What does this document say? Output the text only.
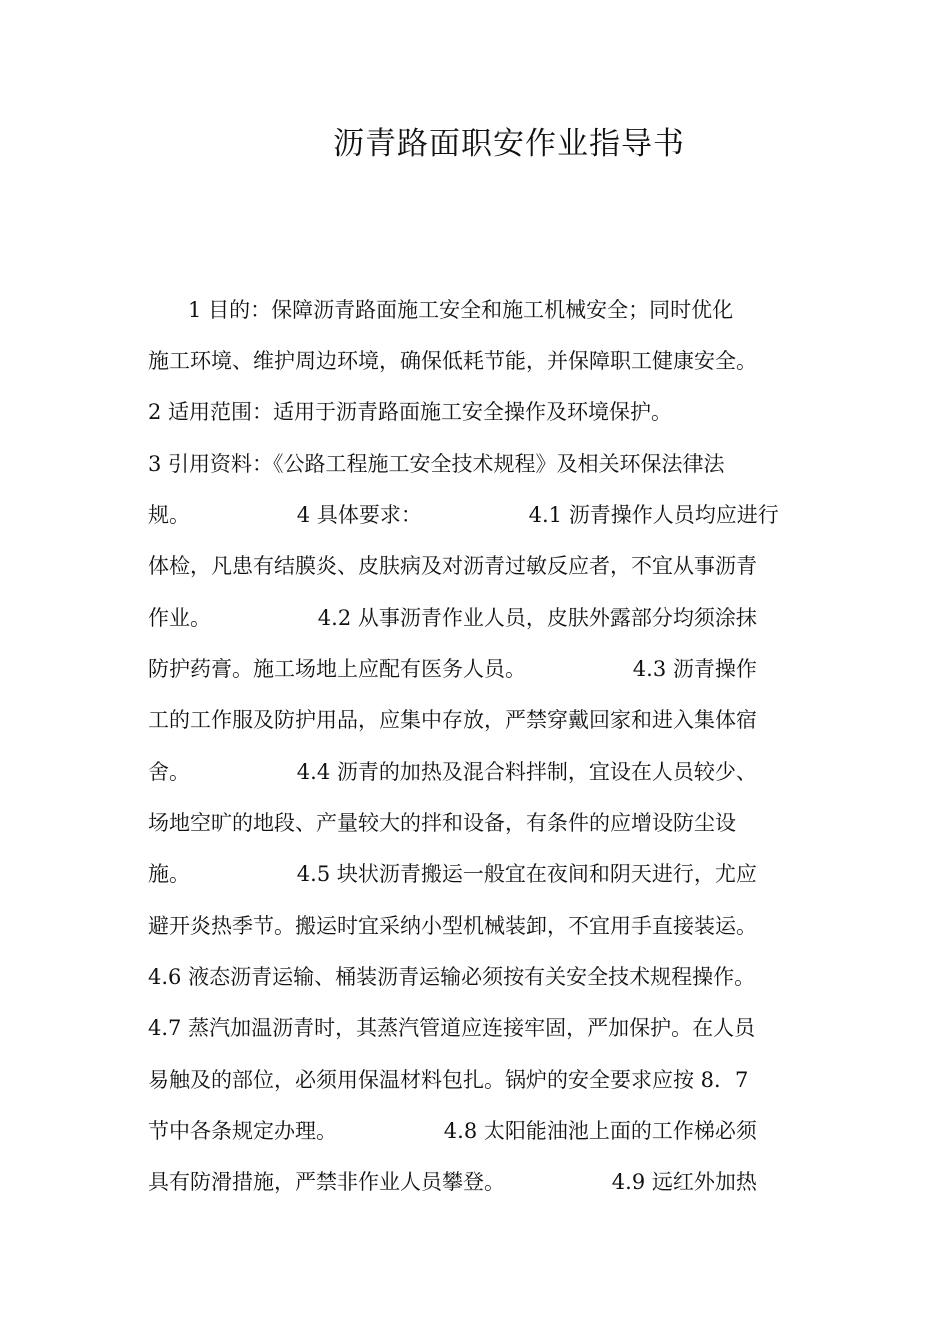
沥青路面职安作业指导书
1 目的：保障沥青路面施工安全和施工机械安全；同时优化
施工环境、维护周边环境，确保低耗节能，并保障职工健康安全。
2 适用范围：适用于沥青路面施工安全操作及环境保护。
3 引用资料：《公路工程施工安全技术规程》及相关环保法律法
规。                4 具体要求：                4.1 沥青操作人员均应进行
体检，凡患有结膜炎、皮肤病及对沥青过敏反应者，不宜从事沥青
作业。                4.2 从事沥青作业人员，皮肤外露部分均须涂抹
防护药膏。施工场地上应配有医务人员。                4.3 沥青操作
工的工作服及防护用品，应集中存放，严禁穿戴回家和进入集体宿
舍。                4.4 沥青的加热及混合料拌制，宜设在人员较少、
场地空旷的地段、产量较大的拌和设备，有条件的应增设防尘设
施。                4.5 块状沥青搬运一般宜在夜间和阴天进行，尤应
避开炎热季节。搬运时宜采纳小型机械装卸，不宜用手直接装运。
4.6 液态沥青运输、桶装沥青运输必须按有关安全技术规程操作。
4.7 蒸汽加温沥青时，其蒸汽管道应连接牢固，严加保护。在人员
易触及的部位，必须用保温材料包扎。锅炉的安全要求应按 8．7
节中各条规定办理。                4.8 太阳能油池上面的工作梯必须
具有防滑措施，严禁非作业人员攀登。                4.9 远红外加热
